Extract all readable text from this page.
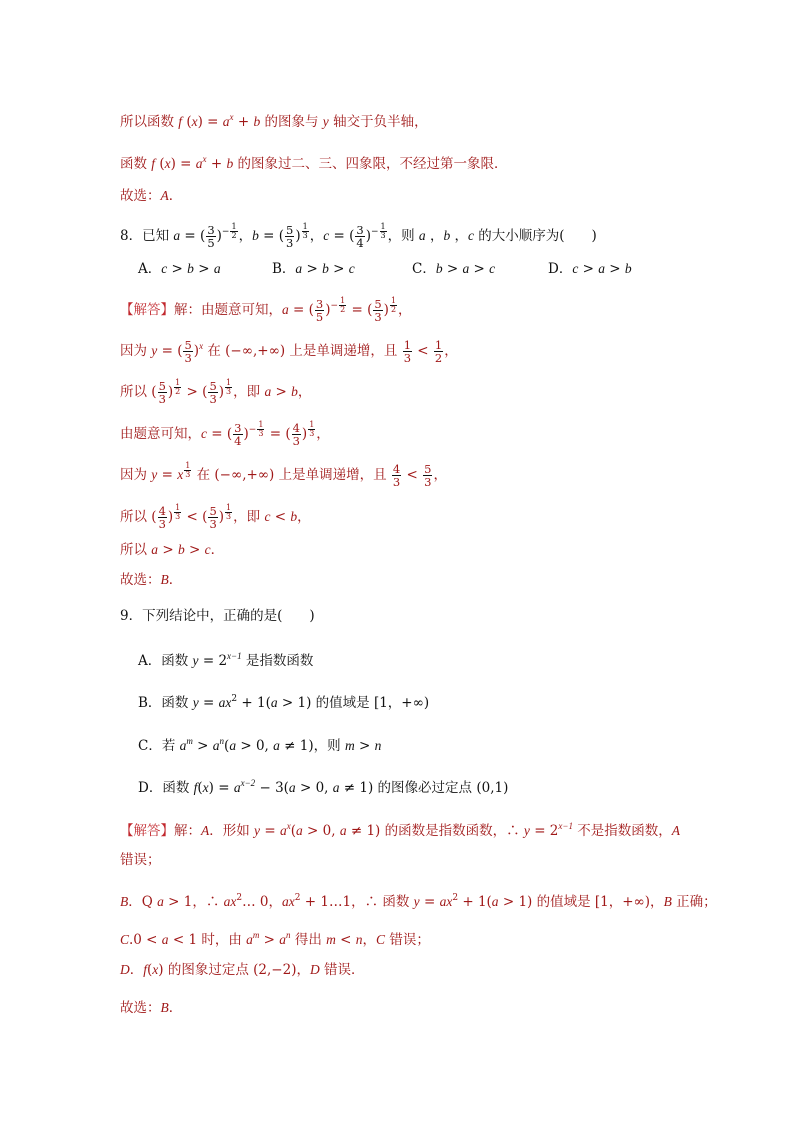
所以函数 f $(x) = a^x + b$ 的图象与 y 轴交于负半轴，
函数 f $(x) = a^x + b$ 的图象过二、三、四象限，不经过第一象限．
故选：A．
8．已知 a = ( $\frac{3}{5} )^{- \frac{1}{2}}$ ，b = ( $\frac{5}{3}$ ) $^{\frac{1}{3}}$ ，c = ( $\frac{3}{4} )^{- \frac{1}{3}}$ ，则 a ，b ，c 的大小顺序为(　　)
A．c > b > a	B．a > b > c	C．b > a > c	D．c > a > b
【解答】解：由题意可知，a = ( $\frac{3}{5} )^{- \frac{1}{2}}$ = ( $\frac{5}{3}$ ) $^{\frac{1}{2}}$ ，
因为 y = ( $\frac{5}{3} )^x$ 在 (−∞,+∞) 上是单调递增，且 $\frac{1}{3} < \frac{1}{2}$ ，
所以 ( $\frac{5}{3}$ ) $^{\frac{1}{2}}$ > ( $\frac{5}{3}$ ) $^{\frac{1}{3}}$ ，即 a > b，
由题意可知，c = ( $\frac{3}{4} )^{- \frac{1}{3}}$ = ( $\frac{4}{3}$ ) $^{\frac{1}{3}}$ ，
因为 y = x $^{\frac{1}{3}}$ 在 (−∞,+∞) 上是单调递增，且 $\frac{4}{3} < \frac{5}{3}$ ，
所以 ( $\frac{4}{3}$ ) $^{\frac{1}{3}}$ < ( $\frac{5}{3}$ ) $^{\frac{1}{3}}$ ，即 c < b，
所以 a > b > c．
故选：B．
9．下列结论中，正确的是(　　)
A．函数 $y = 2^{x-1}$ 是指数函数
B．函数 $y = ax^2 + 1(a > 1)$ 的值域是 [1，+∞)
C．若 $a^m > a^n(a > 0$, a ≠ 1)，则 m > n
D．函数 $f(x) = a^{x-2} - 3(a > 0$, a ≠ 1) 的图像必过定点 (0,1)
【解答】解：A．形如 $y = a^x(a > 0$, a ≠ 1) 的函数是指数函数，∴ $y = 2^{x-1}$ 不是指数函数，A
错误；
B．Q a > 1，∴ $ax^2\dots$ 0，$ax^2$ + 1…1，∴ 函数 $y = ax^2 + 1(a > 1)$ 的值域是 [1，+∞)，B 正确；
C.0 < a < 1 时，由 $a^m > a^n$ 得出 m < n，C 错误；
D．f(x) 的图象过定点 (2,−2)，D 错误．
故选：B．
